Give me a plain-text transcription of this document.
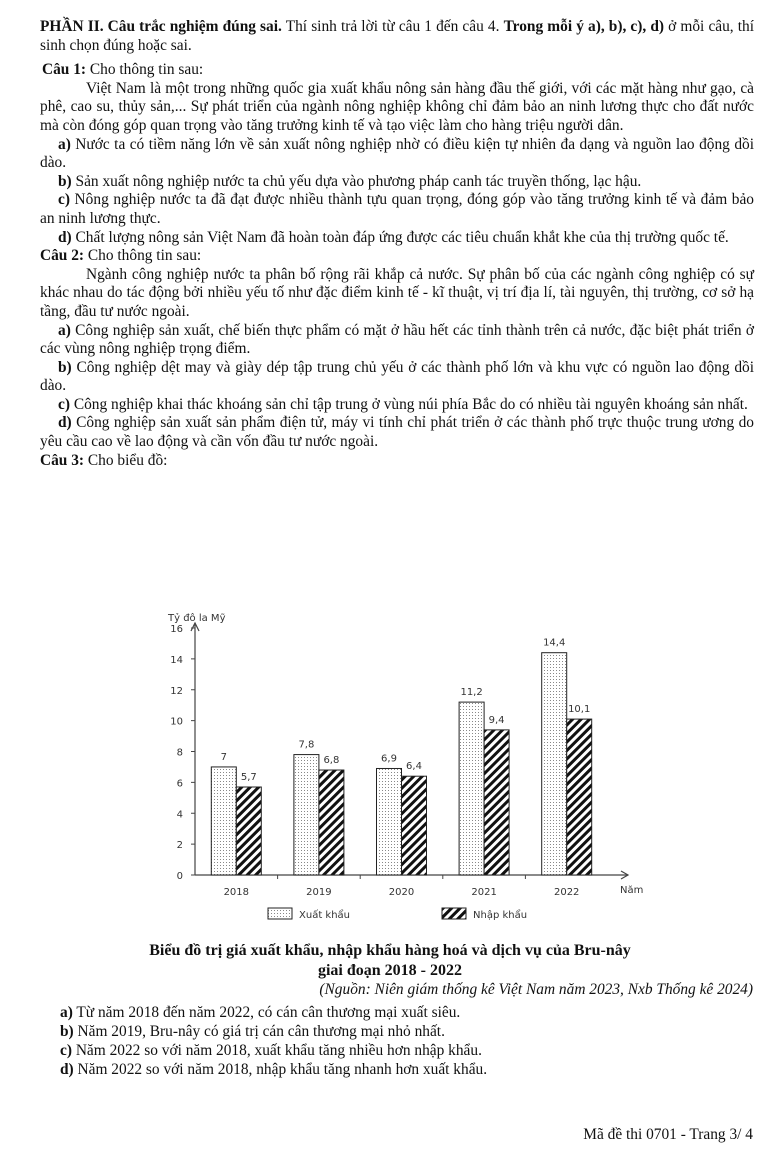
PHẦN II. Câu trắc nghiệm đúng sai. Thí sinh trả lời từ câu 1 đến câu 4. Trong mỗi ý a), b), c), d) ở mỗi câu, thí sinh chọn đúng hoặc sai.

Câu 1: Cho thông tin sau:

Việt Nam là một trong những quốc gia xuất khẩu nông sản hàng đầu thế giới, với các mặt hàng như gạo, cà phê, cao su, thủy sản,... Sự phát triển của ngành nông nghiệp không chỉ đảm bảo an ninh lương thực cho đất nước mà còn đóng góp quan trọng vào tăng trưởng kinh tế và tạo việc làm cho hàng triệu người dân.

a) Nước ta có tiềm năng lớn về sản xuất nông nghiệp nhờ có điều kiện tự nhiên đa dạng và nguồn lao động dồi dào.

b) Sản xuất nông nghiệp nước ta chủ yếu dựa vào phương pháp canh tác truyền thống, lạc hậu.

c) Nông nghiệp nước ta đã đạt được nhiều thành tựu quan trọng, đóng góp vào tăng trưởng kinh tế và đảm bảo an ninh lương thực.

d) Chất lượng nông sản Việt Nam đã hoàn toàn đáp ứng được các tiêu chuẩn khắt khe của thị trường quốc tế.

Câu 2: Cho thông tin sau:

Ngành công nghiệp nước ta phân bố rộng rãi khắp cả nước. Sự phân bố của các ngành công nghiệp có sự khác nhau do tác động bởi nhiều yếu tố như đặc điểm kinh tế - kĩ thuật, vị trí địa lí, tài nguyên, thị trường, cơ sở hạ tầng, đầu tư nước ngoài.

a) Công nghiệp sản xuất, chế biến thực phẩm có mặt ở hầu hết các tỉnh thành trên cả nước, đặc biệt phát triển ở các vùng nông nghiệp trọng điểm.

b) Công nghiệp dệt may và giày dép tập trung chủ yếu ở các thành phố lớn và khu vực có nguồn lao động dồi dào.

c) Công nghiệp khai thác khoáng sản chỉ tập trung ở vùng núi phía Bắc do có nhiều tài nguyên khoáng sản nhất.

d) Công nghiệp sản xuất sản phẩm điện tử, máy vi tính chỉ phát triển ở các thành phố trực thuộc trung ương do yêu cầu cao về lao động và cần vốn đầu tư nước ngoài.

Câu 3: Cho biểu đồ:

0
2
4
6
8
10
12
14
16
Tỷ đô la Mỹ
Năm
2018	2019	2020	2021	2022
7
5,7
7,8
6,8	6,9
6,4
11,2
9,4
14,4
10,1
Xuất khẩu	Nhập khẩu
Biểu đồ trị giá xuất khẩu, nhập khẩu hàng hoá và dịch vụ của Bru-nây
giai đoạn 2018 - 2022
(Nguồn: Niên giám thống kê Việt Nam năm 2023, Nxb Thống kê 2024)

a) Từ năm 2018 đến năm 2022, có cán cân thương mại xuất siêu.

b) Năm 2019, Bru-nây có giá trị cán cân thương mại nhỏ nhất.

c) Năm 2022 so với năm 2018, xuất khẩu tăng nhiều hơn nhập khẩu.

d) Năm 2022 so với năm 2018, nhập khẩu tăng nhanh hơn xuất khẩu.

Mã đề thi 0701 - Trang 3/ 4
